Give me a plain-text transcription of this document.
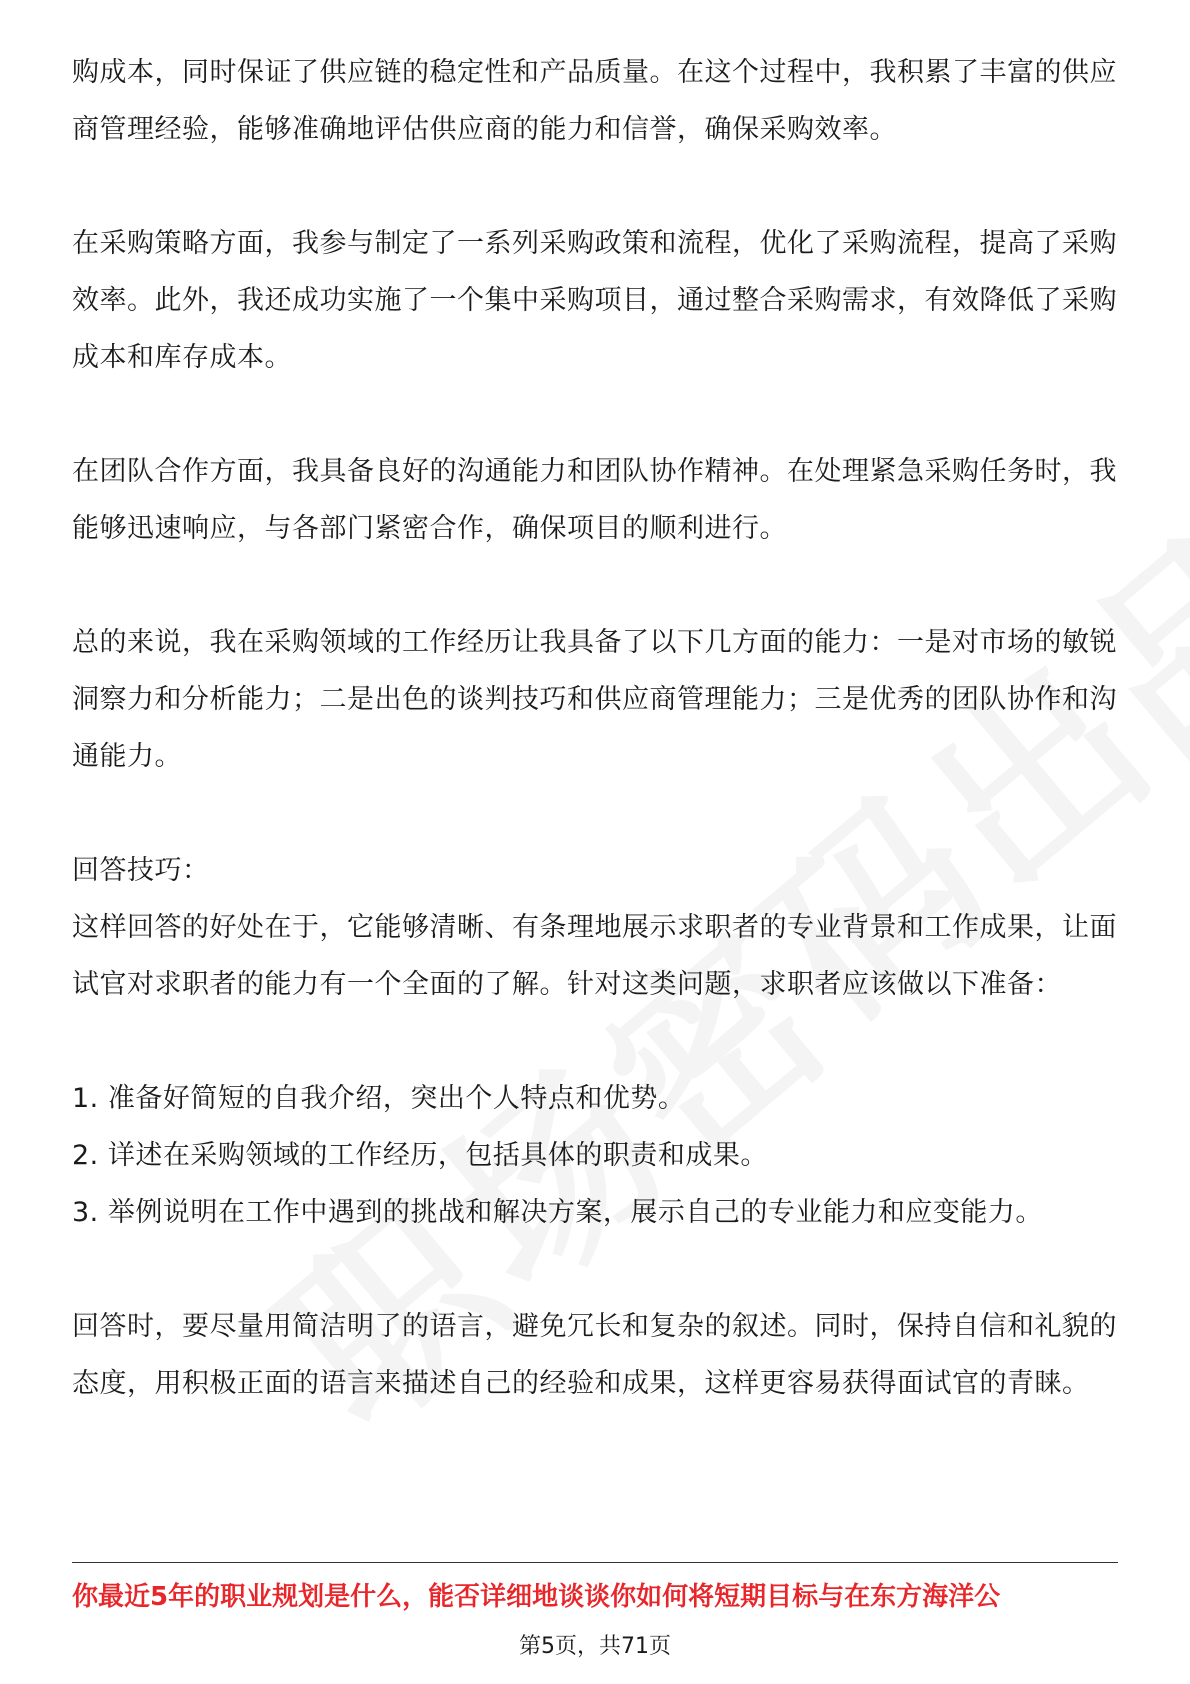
购成本，同时保证了供应链的稳定性和产品质量。在这个过程中，我积累了丰富的供应商管理经验，能够准确地评估供应商的能力和信誉，确保采购效率。

在采购策略方面，我参与制定了一系列采购政策和流程，优化了采购流程，提高了采购效率。此外，我还成功实施了一个集中采购项目，通过整合采购需求，有效降低了采购成本和库存成本。

在团队合作方面，我具备良好的沟通能力和团队协作精神。在处理紧急采购任务时，我能够迅速响应，与各部门紧密合作，确保项目的顺利进行。

总的来说，我在采购领域的工作经历让我具备了以下几方面的能力：一是对市场的敏锐洞察力和分析能力；二是出色的谈判技巧和供应商管理能力；三是优秀的团队协作和沟通能力。

回答技巧：

这样回答的好处在于，它能够清晰、有条理地展示求职者的专业背景和工作成果，让面试官对求职者的能力有一个全面的了解。针对这类问题，求职者应该做以下准备：

1. 准备好简短的自我介绍，突出个人特点和优势。
2. 详述在采购领域的工作经历，包括具体的职责和成果。
3. 举例说明在工作中遇到的挑战和解决方案，展示自己的专业能力和应变能力。

回答时，要尽量用简洁明了的语言，避免冗长和复杂的叙述。同时，保持自信和礼貌的态度，用积极正面的语言来描述自己的经验和成果，这样更容易获得面试官的青睐。

你最近5年的职业规划是什么，能否详细地谈谈你如何将短期目标与在东方海洋公
第5页，共71页
